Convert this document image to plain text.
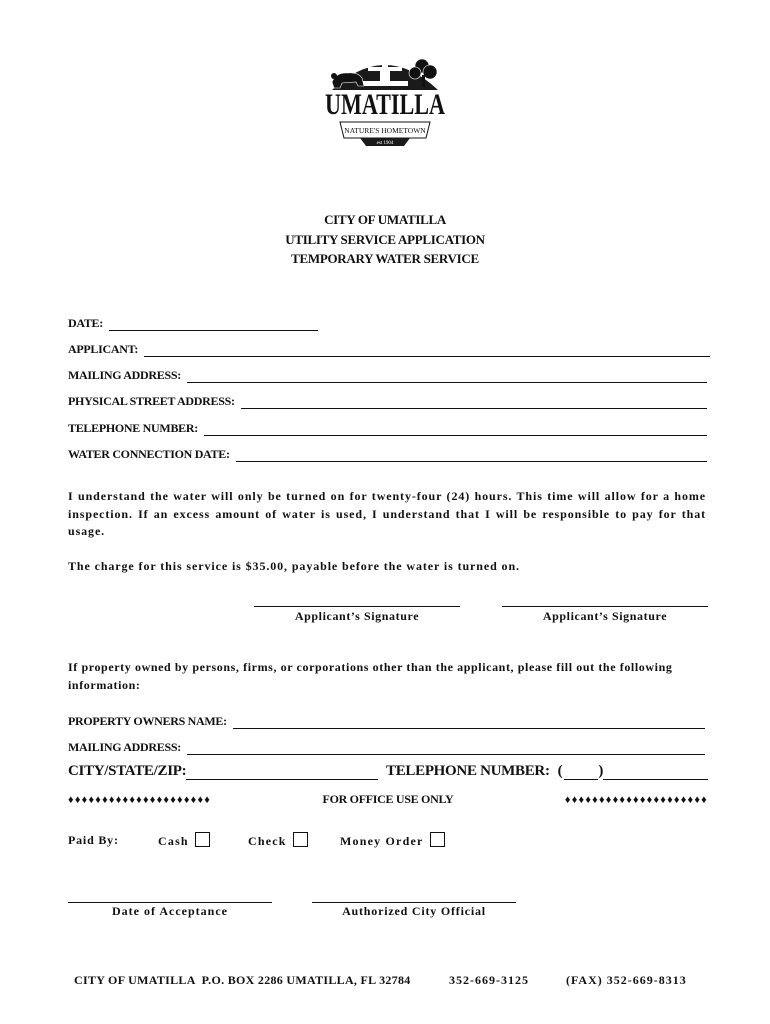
UMATILLA
NATURE'S HOMETOWN
est 1904
CITY OF UMATILLA
UTILITY SERVICE APPLICATION
TEMPORARY WATER SERVICE
DATE:
APPLICANT:
MAILING ADDRESS:
PHYSICAL STREET ADDRESS:
TELEPHONE NUMBER:
WATER CONNECTION DATE:
I understand the water will only be turned on for twenty-four (24) hours. This time will allow for a home inspection. If an excess amount of water is used, I understand that I will be responsible to pay for that usage.
The charge for this service is $35.00, payable before the water is turned on.
Applicant’s Signature	Applicant’s Signature
If property owned by persons, firms, or corporations other than the applicant, please fill out the following information:
PROPERTY OWNERS NAME:
MAILING ADDRESS:
CITY/STATE/ZIP:	TELEPHONE NUMBER: ( )
♦♦♦♦♦♦♦♦♦♦♦♦♦♦♦♦♦♦♦♦♦	FOR OFFICE USE ONLY	♦♦♦♦♦♦♦♦♦♦♦♦♦♦♦♦♦♦♦♦♦
Paid By:	Cash	Check	Money Order
Date of Acceptance	Authorized City Official
CITY OF UMATILLA  P.O. BOX 2286 UMATILLA, FL 32784	352-669-3125	(FAX) 352-669-8313
